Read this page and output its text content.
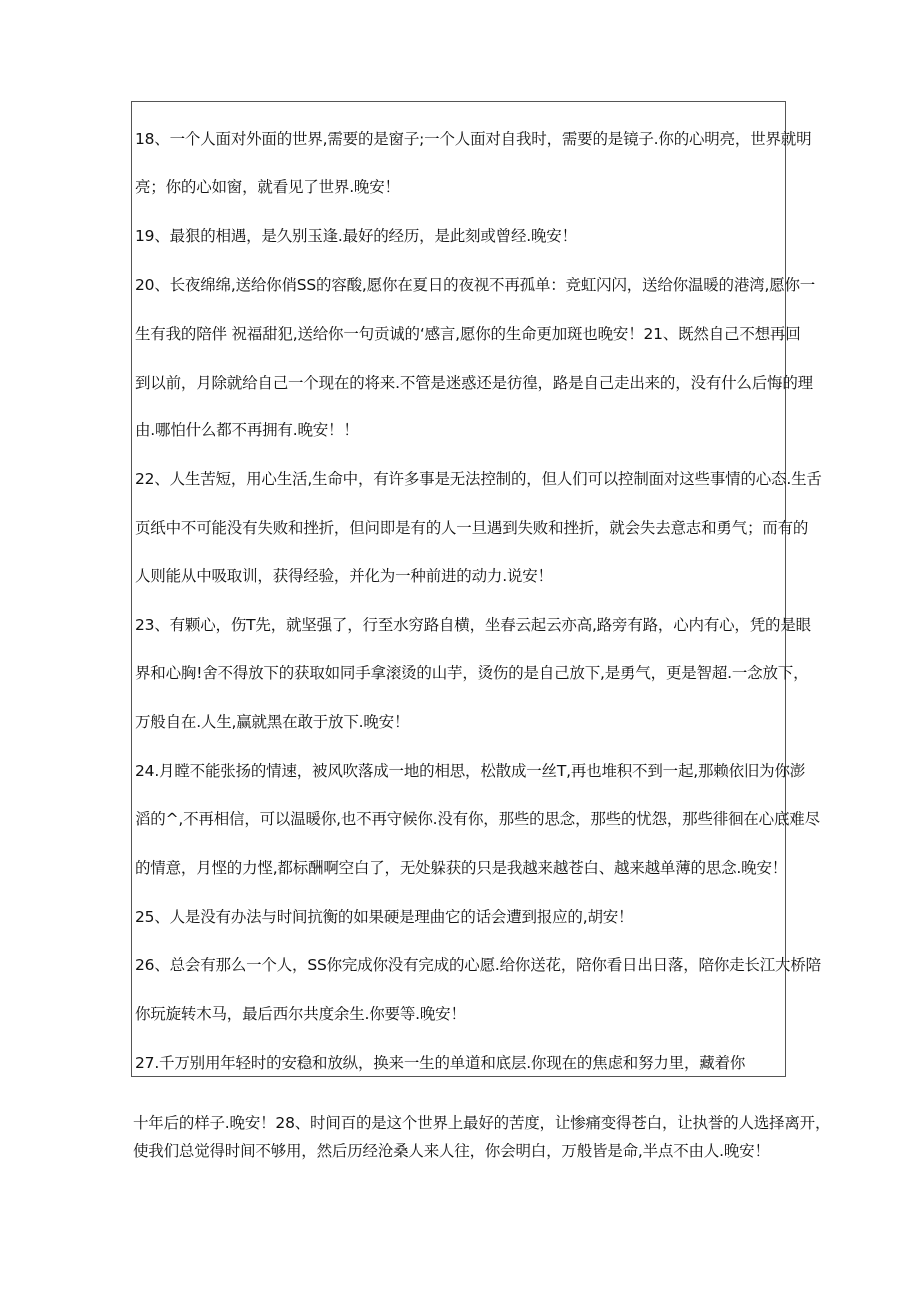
18、一个人面对外面的世界,需要的是窗子;一个人面对自我时，需要的是镜子.你的心明亮，世界就明
亮；你的心如窗，就看见了世界.晚安！
19、最狠的相遇，是久别玉逢.最好的经历，是此刻或曾经.晚安！
20、长夜绵绵,送给你俏SS的容酸,愿你在夏日的夜视不再孤单：竞虹闪闪，送给你温暖的港湾,愿你一
生有我的陪伴 祝福甜犯,送给你一句贡诚的‘感言,愿你的生命更加斑也晚安！21、既然自己不想再回
到以前，月除就给自己一个现在的将来.不管是迷惑还是彷徨，路是自己走出来的，没有什么后悔的理
由.哪怕什么都不再拥有.晚安！！
22、人生苦短，用心生活,生命中，有许多事是无法控制的，但人们可以控制面对这些事情的心态.生舌
页纸中不可能没有失败和挫折，但问即是有的人一旦遇到失败和挫折，就会失去意志和勇气；而有的
人则能从中吸取训，获得经验，并化为一种前进的动力.说安！
23、有颗心，伤T先，就坚强了，行至水穷路自横，坐春云起云亦高,路旁有路，心内有心，凭的是眼
界和心胸!舍不得放下的获取如同手拿滚烫的山芋，烫伤的是自己放下,是勇气，更是智超.一念放下，
万般自在.人生,赢就黑在敢于放下.晚安！
24.月瞠不能张扬的情速，被风吹落成一地的相思，松散成一丝T,再也堆积不到一起,那赖依旧为你澎
滔的^,不再相信，可以温暖你,也不再守候你.没有你，那些的思念，那些的忧怨，那些徘徊在心底难尽
的情意，月悭的力悭,都标酬啊空白了，无处躲获的只是我越来越苍白、越来越单薄的思念.晚安！
25、人是没有办法与时间抗衡的如果硬是理曲它的话会遭到报应的,胡安！
26、总会有那么一个人，SS你完成你没有完成的心愿.给你送花，陪你看日出日落，陪你走长江大桥陪
你玩旋转木马，最后西尔共度余生.你要等.晚安！
27.千万别用年轻时的安稳和放纵，换来一生的单道和底层.你现在的焦虑和努力里，藏着你
十年后的样子.晚安！28、时间百的是这个世界上最好的苦度，让惨痛变得苍白，让执誉的人选择离开，
使我们总觉得时间不够用，然后历经沧桑人来人往，你会明白，万般皆是命,半点不由人.晚安！
